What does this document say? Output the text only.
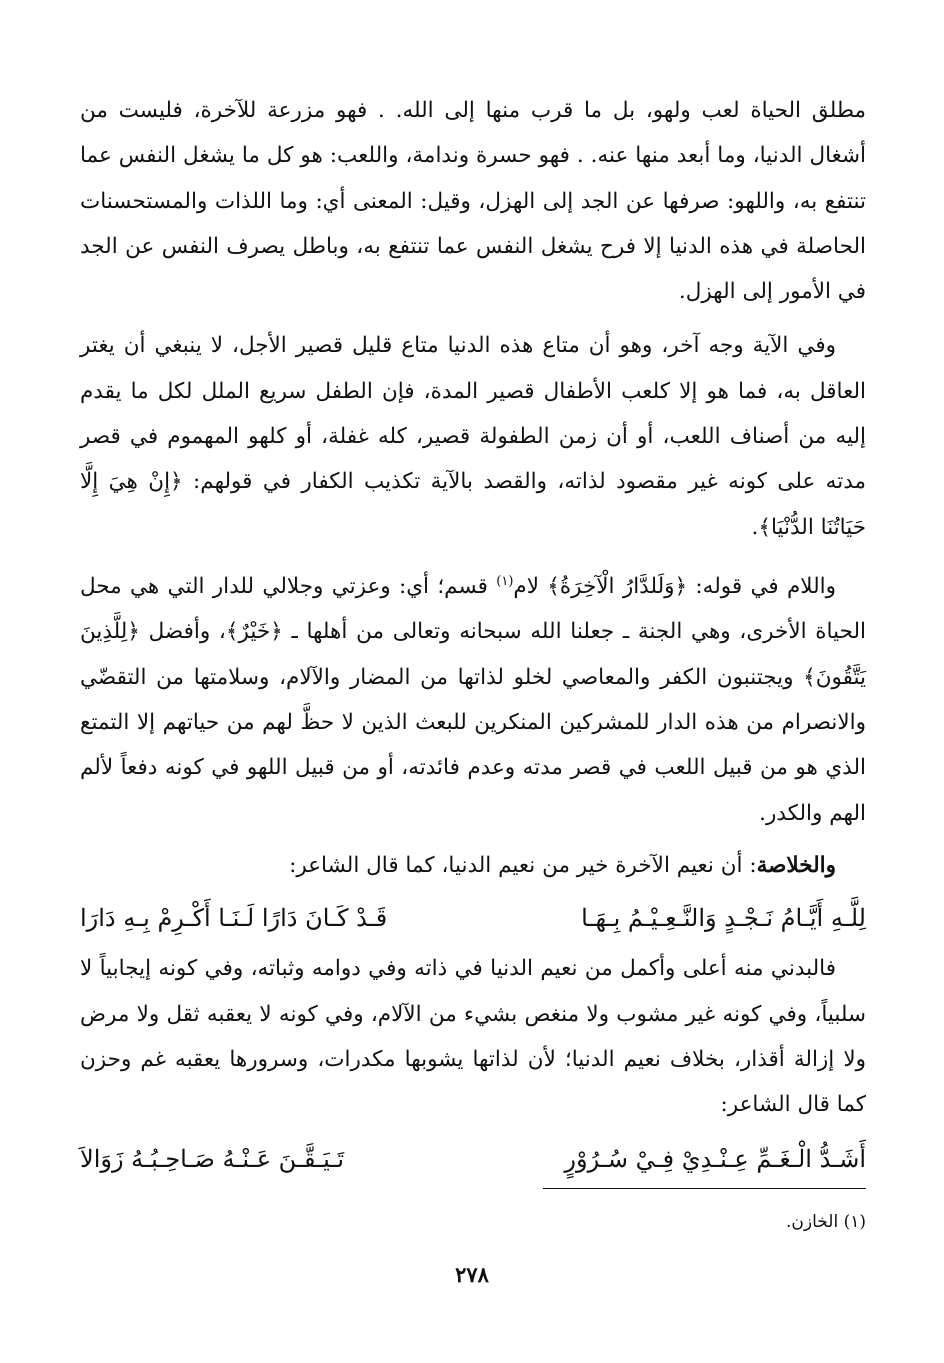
مطلق الحياة لعب ولهو، بل ما قرب منها إلى الله. . فهو مزرعة للآخرة، فليست من أشغال الدنيا، وما أبعد منها عنه. . فهو حسرة وندامة، واللعب: هو كل ما يشغل النفس عما تنتفع به، واللهو: صرفها عن الجد إلى الهزل، وقيل: المعنى أي: وما اللذات والمستحسنات الحاصلة في هذه الدنيا إلا فرح يشغل النفس عما تنتفع به، وباطل يصرف النفس عن الجد في الأمور إلى الهزل.

وفي الآية وجه آخر، وهو أن متاع هذه الدنيا متاع قليل قصير الأجل، لا ينبغي أن يغتر العاقل به، فما هو إلا كلعب الأطفال قصير المدة، فإن الطفل سريع الملل لكل ما يقدم إليه من أصناف اللعب، أو أن زمن الطفولة قصير، كله غفلة، أو كلهو المهموم في قصر مدته على كونه غير مقصود لذاته، والقصد بالآية تكذيب الكفار في قولهم: ﴿إِنْ هِيَ إِلَّا حَيَاتُنَا الدُّنْيَا﴾.

واللام في قوله: ﴿وَلَلدَّارُ الْآخِرَةُ﴾ لام$^{(١)}$ قسم؛ أي: وعزتي وجلالي للدار التي هي محل الحياة الأخرى، وهي الجنة ـ جعلنا الله سبحانه وتعالى من أهلها ـ ﴿خَيْرٌ﴾، وأفضل ﴿لِلَّذِينَ يَتَّقُونَ﴾ ويجتنبون الكفر والمعاصي لخلو لذاتها من المضار والآلام، وسلامتها من التقضّي والانصرام من هذه الدار للمشركين المنكرين للبعث الذين لا حظَّ لهم من حياتهم إلا التمتع الذي هو من قبيل اللعب في قصر مدته وعدم فائدته، أو من قبيل اللهو في كونه دفعاً لألم الهم والكدر.

والخلاصة: أن نعيم الآخرة خير من نعيم الدنيا، كما قال الشاعر:

لِلَّـهِ أَيَّـامُ نَـجْـدٍ وَالنَّـعِـيْـمُ بِـهَـا
قَـدْ كَـانَ دَارًا لَـنَـا أَكْـرِمْ بِـهِ دَارَا

فالبدني منه أعلى وأكمل من نعيم الدنيا في ذاته وفي دوامه وثباته، وفي كونه إيجابياً لا سلبياً، وفي كونه غير مشوب ولا منغص بشيء من الآلام، وفي كونه لا يعقبه ثقل ولا مرض ولا إزالة أقذار، بخلاف نعيم الدنيا؛ لأن لذاتها يشوبها مكدرات، وسرورها يعقبه غم وحزن كما قال الشاعر:

أَشَـدُّ الْـغَـمِّ عِـنْـدِيْ فِـيْ سُـرُوْرٍ
تَـيَـقَّـنَ عَـنْـهُ صَـاحِـبُـهُ زَوَالاَ
(١) الخازن.
٢٧٨
